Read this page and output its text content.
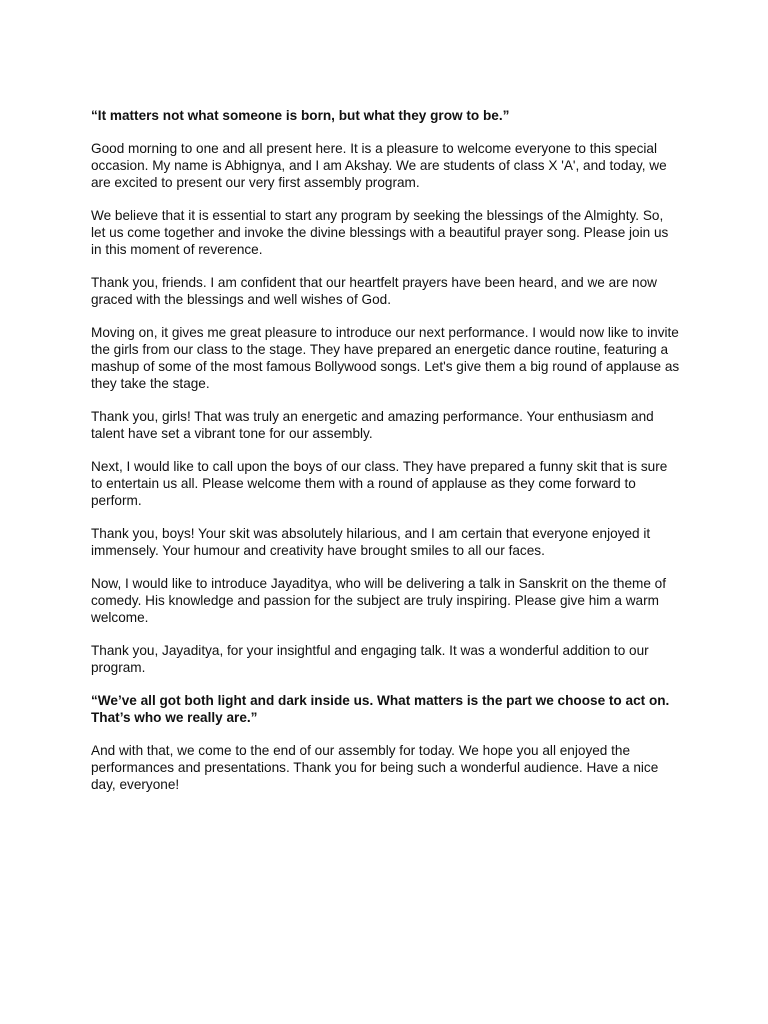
“It matters not what someone is born, but what they grow to be.”

Good morning to one and all present here. It is a pleasure to welcome everyone to this special occasion. My name is Abhignya, and I am Akshay. We are students of class X 'A', and today, we are excited to present our very first assembly program.

We believe that it is essential to start any program by seeking the blessings of the Almighty. So, let us come together and invoke the divine blessings with a beautiful prayer song. Please join us in this moment of reverence.

Thank you, friends. I am confident that our heartfelt prayers have been heard, and we are now graced with the blessings and well wishes of God.

Moving on, it gives me great pleasure to introduce our next performance. I would now like to invite the girls from our class to the stage. They have prepared an energetic dance routine, featuring a mashup of some of the most famous Bollywood songs. Let's give them a big round of applause as they take the stage.

Thank you, girls! That was truly an energetic and amazing performance. Your enthusiasm and talent have set a vibrant tone for our assembly.

Next, I would like to call upon the boys of our class. They have prepared a funny skit that is sure to entertain us all. Please welcome them with a round of applause as they come forward to perform.

Thank you, boys! Your skit was absolutely hilarious, and I am certain that everyone enjoyed it immensely. Your humour and creativity have brought smiles to all our faces.

Now, I would like to introduce Jayaditya, who will be delivering a talk in Sanskrit on the theme of comedy. His knowledge and passion for the subject are truly inspiring. Please give him a warm welcome.

Thank you, Jayaditya, for your insightful and engaging talk. It was a wonderful addition to our program.

“We’ve all got both light and dark inside us. What matters is the part we choose to act on. That’s who we really are.”

And with that, we come to the end of our assembly for today. We hope you all enjoyed the performances and presentations. Thank you for being such a wonderful audience. Have a nice day, everyone!
